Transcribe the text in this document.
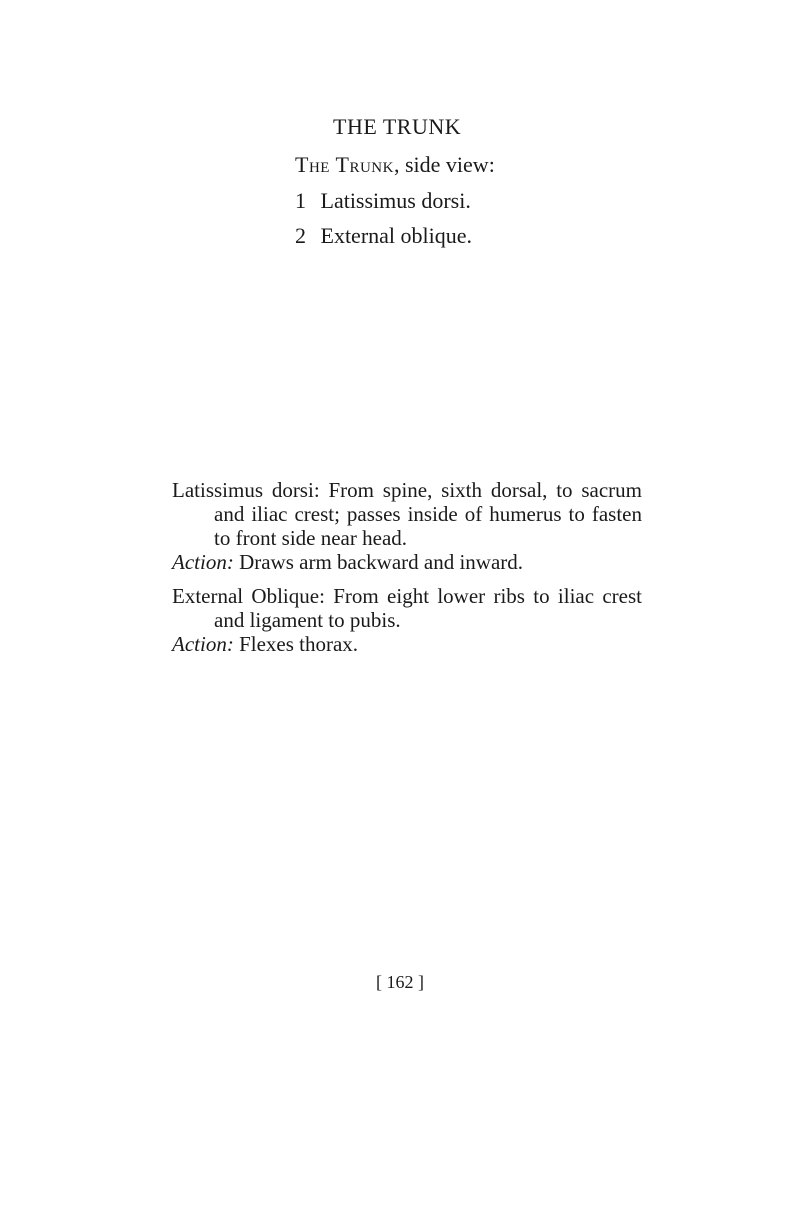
THE TRUNK
The Trunk, side view:
1 Latissimus dorsi.
2 External oblique.
Latissimus dorsi: From spine, sixth dorsal, to sacrum and iliac crest; passes inside of humerus to fasten to front side near head.
Action: Draws arm backward and inward.
External Oblique: From eight lower ribs to iliac crest and ligament to pubis.
Action: Flexes thorax.
[ 162 ]
